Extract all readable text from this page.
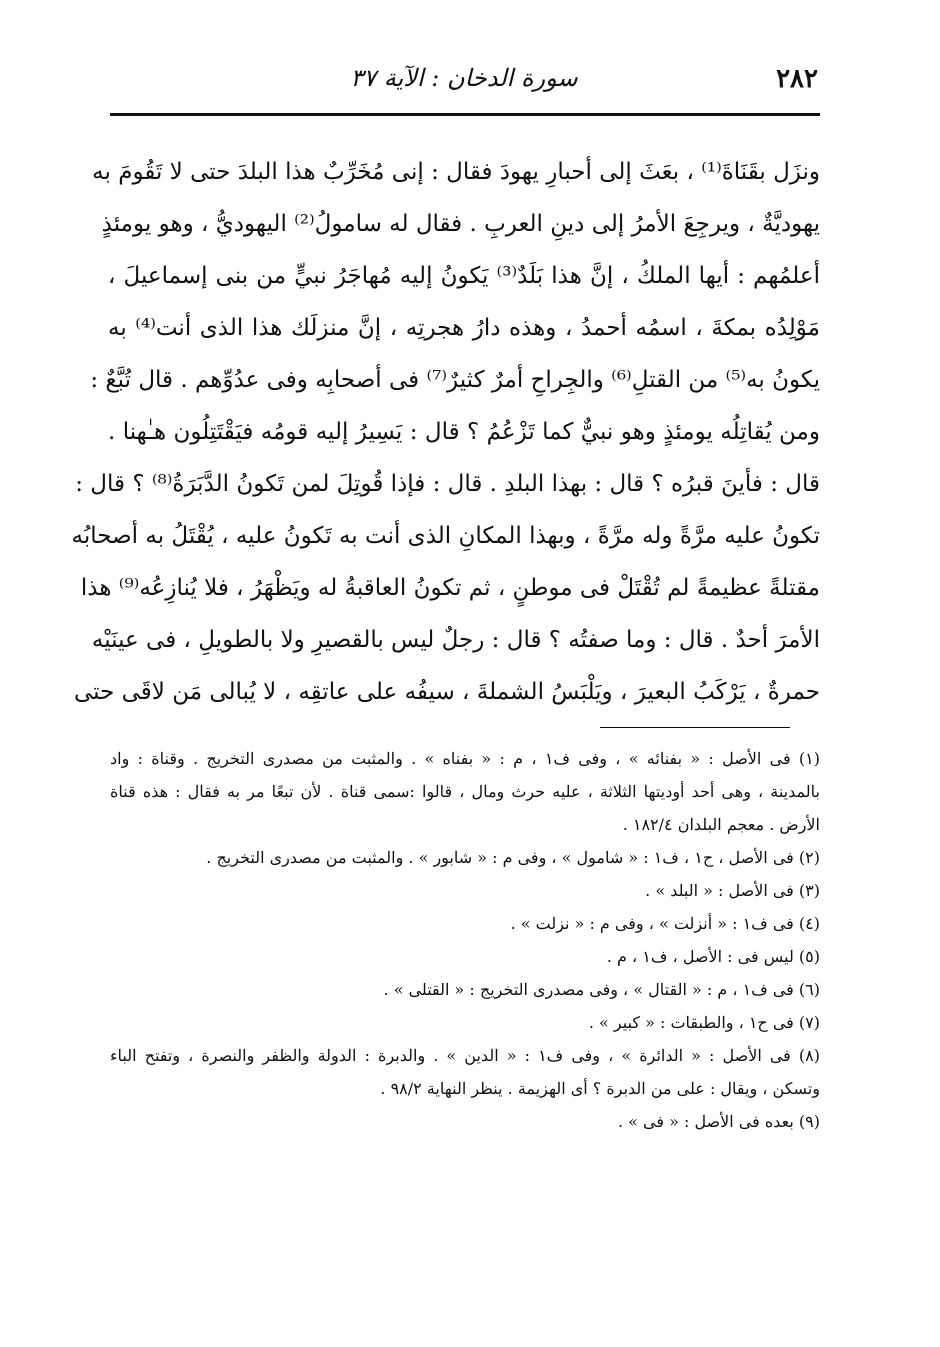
٢٨٢
سورة الدخان : الآية ٣٧
ونزَل بقَنَاةَ⁽¹⁾ ، بعَثَ إلى أحبارِ يهودَ فقال : إنى مُخَرِّبٌ هذا البلدَ حتى لا تَقُومَ به
يهوديَّةٌ ، ويرجِعَ الأمرُ إلى دينِ العربِ . فقال له سامولُ⁽²⁾ اليهوديُّ ، وهو يومئذٍ
أعلمُهم : أيها الملكُ ، إنَّ هذا بَلَدٌ⁽³⁾ يَكونُ إليه مُهاجَرُ نبيٍّ من بنى إسماعيلَ ،
مَوْلِدُه بمكةَ ، اسمُه أحمدُ ، وهذه دارُ هجرتِه ، إنَّ منزلَك هذا الذى أنت⁽⁴⁾ به
يكونُ به⁽⁵⁾ من القتلِ⁽⁶⁾ والجِراحِ أمرٌ كثيرٌ⁽⁷⁾ فى أصحابِه وفى عدُوِّهم . قال تُبَّعٌ :
ومن يُقاتِلُه يومئذٍ وهو نبيٌّ كما تَزْعُمُ ؟ قال : يَسِيرُ إليه قومُه فيَقْتَتِلُون هـٰهنا .
قال : فأينَ قبرُه ؟ قال : بهذا البلدِ . قال : فإذا قُوتِلَ لمن تَكونُ الدَّبَرَةُ⁽⁸⁾ ؟ قال :
تكونُ عليه مرَّةً وله مرَّةً ، وبهذا المكانِ الذى أنت به تَكونُ عليه ، يُقْتَلُ به أصحابُه
مقتلةً عظيمةً لم تُقْتَلْ فى موطنٍ ، ثم تكونُ العاقبةُ له ويَظْهَرُ ، فلا يُنازِعُه⁽⁹⁾ هذا
الأمرَ أحدٌ . قال : وما صفتُه ؟ قال : رجلٌ ليس بالقصيرِ ولا بالطويلِ ، فى عينَيْه
حمرةٌ ، يَرْكَبُ البعيرَ ، ويَلْبَسُ الشملةَ ، سيفُه على عاتقِه ، لا يُبالى مَن لاقَى حتى
(١) فى الأصل : « بفنائه » ، وفى ف١ ، م : « بفناه » . والمثبت من مصدرى التخريج . وقناة : واد
بالمدينة ، وهى أحد أوديتها الثلاثة ، عليه حرث ومال ، قالوا :سمى قناة . لأن تبعًا مر به فقال : هذه قناة
الأرض . معجم البلدان ١٨٢/٤ .
(٢) فى الأصل ، ح١ ، ف١ : « شامول » ، وفى م : « شابور » . والمثبت من مصدرى التخريج .
(٣) فى الأصل : « البلد » .
(٤) فى ف١ : « أنزلت » ، وفى م : « نزلت » .
(٥) ليس فى : الأصل ، ف١ ، م .
(٦) فى ف١ ، م : « القتال » ، وفى مصدرى التخريج : « القتلى » .
(٧) فى ح١ ، والطبقات : « كبير » .
(٨) فى الأصل : « الدائرة » ، وفى ف١ : « الدين » . والدبرة : الدولة والظفر والنصرة ، وتفتح الباء
وتسكن ، ويقال : على من الدبرة ؟ أى الهزيمة . ينظر النهاية ٩٨/٢ .
(٩) بعده فى الأصل : « فى » .
